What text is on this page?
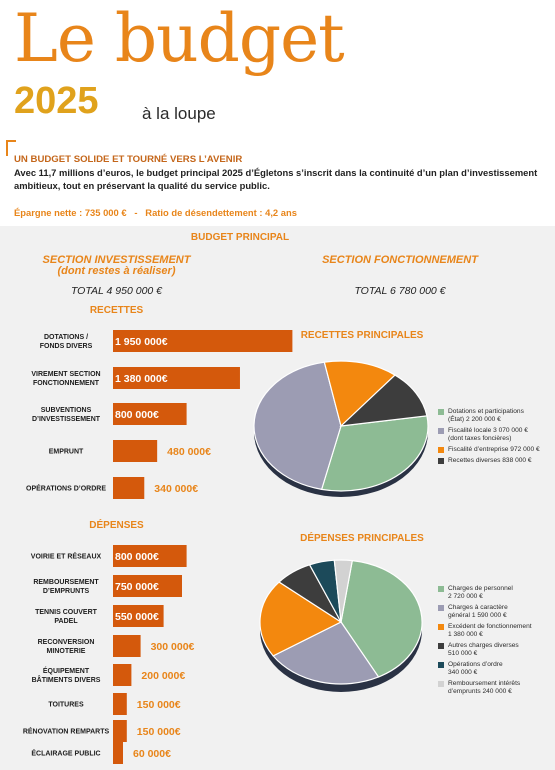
Le budget
2025	à la loupe
UN BUDGET SOLIDE ET TOURNÉ VERS L’AVENIR
Avec 11,7 millions d’euros, le budget principal 2025 d’Égletons s’inscrit dans la continuité d’un plan d’investissement ambitieux, tout en préservant la qualité du service public.
Épargne nette : 735 000 €   -   Ratio de désendettement : 4,2 ans
BUDGET PRINCIPAL
SECTION INVESTISSEMENT
(dont restes à réaliser)
TOTAL 4 950 000 €
RECETTES
DÉPENSES
SECTION FONCTIONNEMENT
TOTAL 6 780 000 €
RECETTES PRINCIPALES
DÉPENSES PRINCIPALES
DOTATIONS / FONDS DIVERS 1 950 000€
VIREMENT SECTION FONCTIONNEMENT 1 380 000€
SUBVENTIONS D’INVESTISSEMENT 800 000€
EMPRUNT	480 000€
OPÉRATIONS D’ORDRE	340 000€
VOIRIE ET RÉSEAUX 800 000€
REMBOURSEMENT D’EMPRUNTS	750 000€
TENNIS COUVERT PADEL	550 000€
RECONVERSION MINOTERIE	300 000€
ÉQUIPEMENT BÂTIMENTS DIVERS	200 000€
TOITURES	150 000€
RÉNOVATION REMPARTS	150 000€
ÉCLAIRAGE PUBLIC	60 000€
Dotations et participations
(État) 2 200 000 €
Fiscalité locale 3 070 000 €
(dont taxes foncières)
Fiscalité d’entreprise 972 000 €
Recettes diverses 838 000 €
Charges de personnel
2 720 000 €
Charges à caractère
général 1 590 000 €
Excédent de fonctionnement
1 380 000 €
Autres charges diverses
510 000 €
Opérations d’ordre
340 000 €
Remboursement intérêts
d’emprunts 240 000 €
